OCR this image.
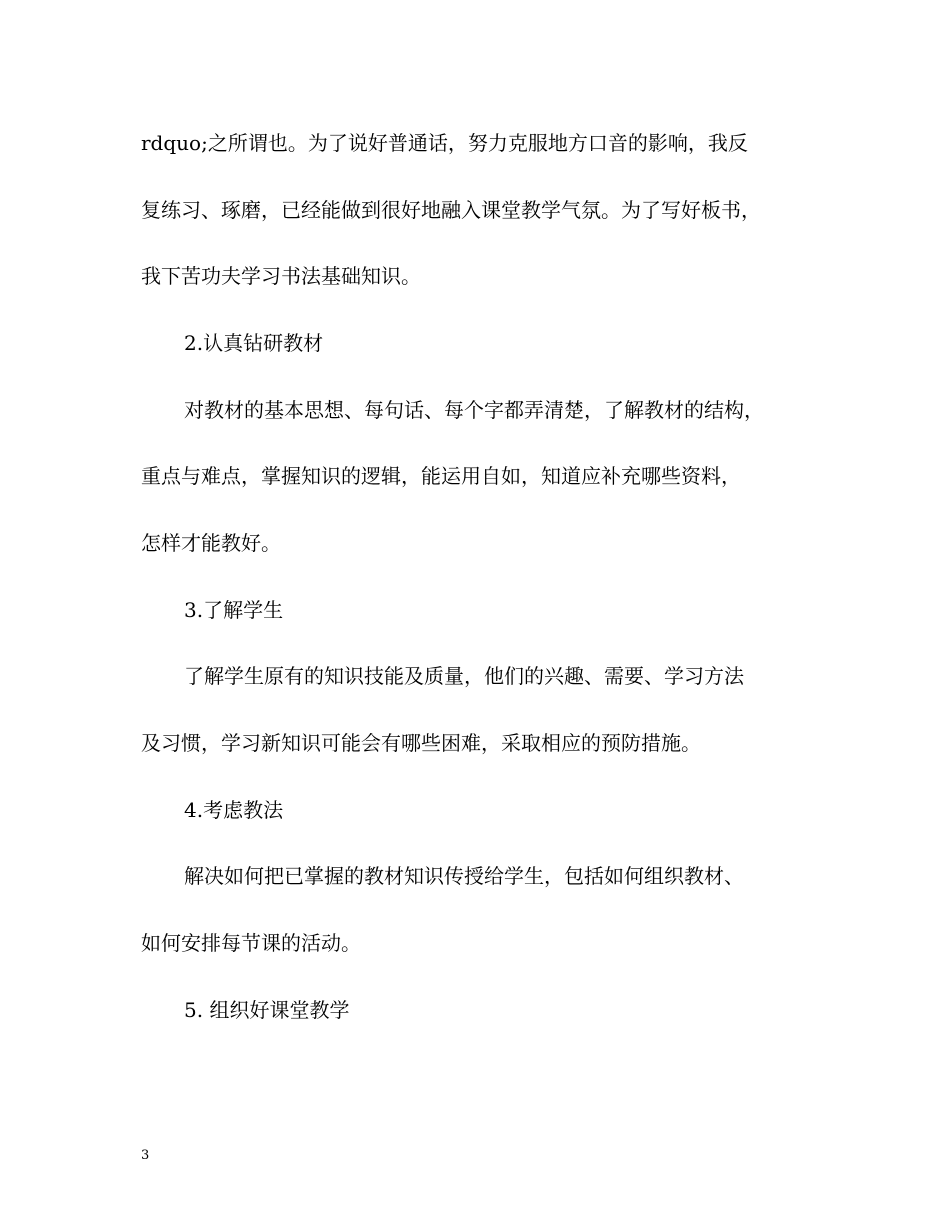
rdquo;之所谓也。为了说好普通话，努力克服地方口音的影响，我反
复练习、琢磨，已经能做到很好地融入课堂教学气氛。为了写好板书，
我下苦功夫学习书法基础知识。
2.认真钻研教材
对教材的基本思想、每句话、每个字都弄清楚，了解教材的结构，
重点与难点，掌握知识的逻辑，能运用自如，知道应补充哪些资料，
怎样才能教好。
3.了解学生
了解学生原有的知识技能及质量，他们的兴趣、需要、学习方法
及习惯，学习新知识可能会有哪些困难，采取相应的预防措施。
4.考虑教法
解决如何把已掌握的教材知识传授给学生，包括如何组织教材、
如何安排每节课的活动。
5. 组织好课堂教学
3
